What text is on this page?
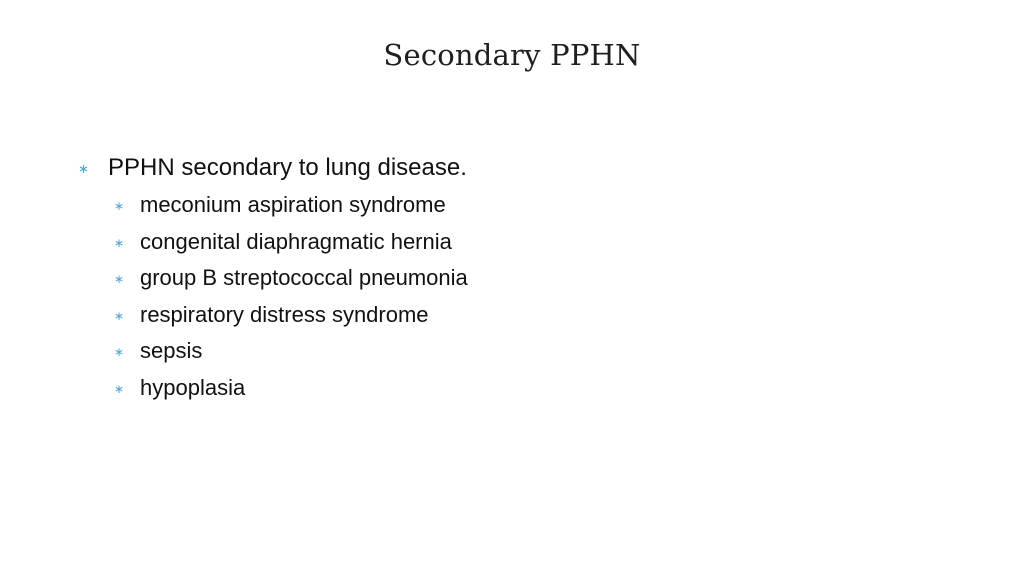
Secondary PPHN
∗ PPHN secondary to lung disease.
∗ meconium aspiration syndrome
∗ congenital diaphragmatic hernia
∗ group B streptococcal pneumonia
∗ respiratory distress syndrome
∗ sepsis
∗ hypoplasia
